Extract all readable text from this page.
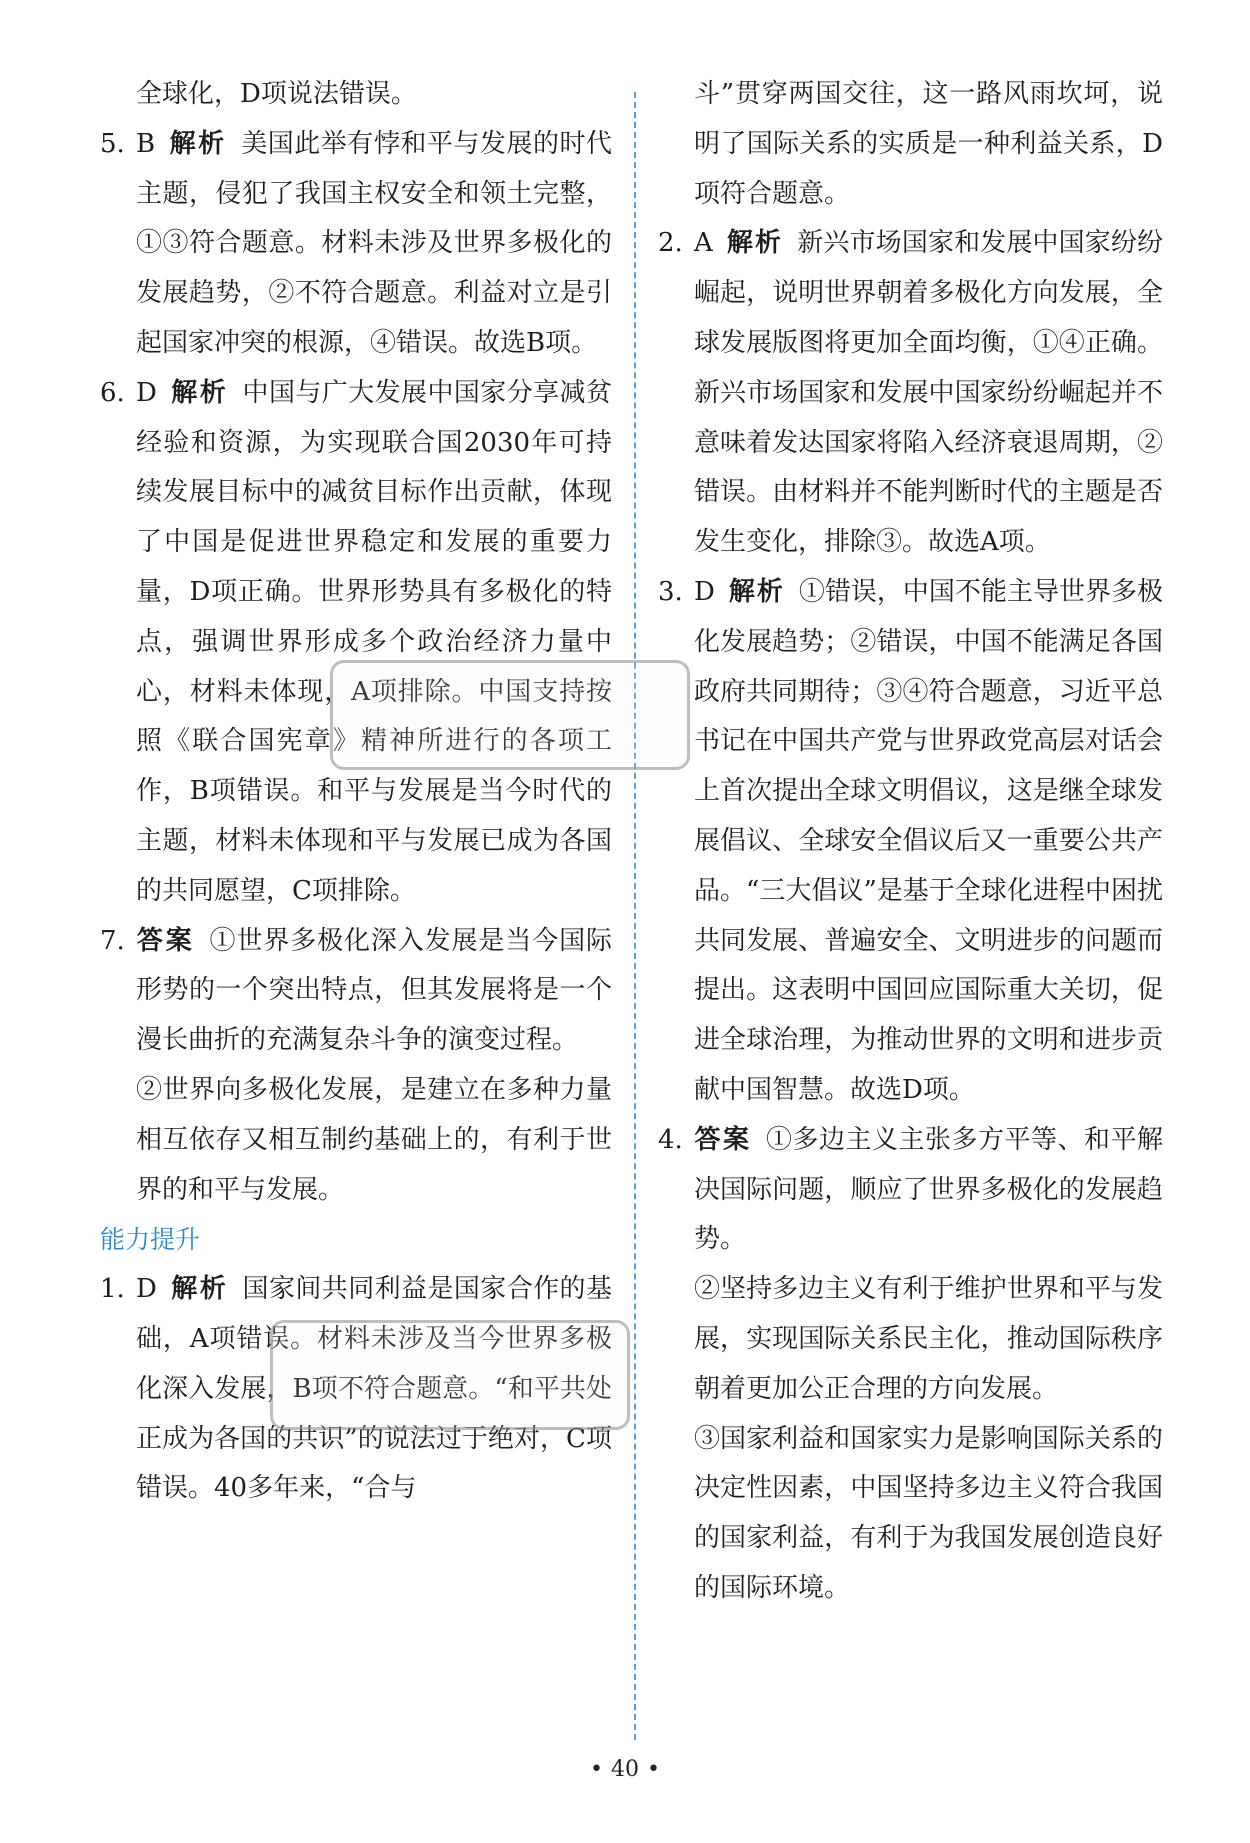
全球化，D项说法错误。

5. B 解析 美国此举有悖和平与发展的时代主题，侵犯了我国主权安全和领土完整，①③符合题意。材料未涉及世界多极化的发展趋势，②不符合题意。利益对立是引起国家冲突的根源，④错误。故选B项。

6. D 解析 中国与广大发展中国家分享减贫经验和资源，为实现联合国2030年可持续发展目标中的减贫目标作出贡献，体现了中国是促进世界稳定和发展的重要力量，D项正确。世界形势具有多极化的特点，强调世界形成多个政治经济力量中心，材料未体现，A项排除。中国支持按照《联合国宪章》精神所进行的各项工作，B项错误。和平与发展是当今时代的主题，材料未体现和平与发展已成为各国的共同愿望，C项排除。

7. 答案 ①世界多极化深入发展是当今国际形势的一个突出特点，但其发展将是一个漫长曲折的充满复杂斗争的演变过程。

②世界向多极化发展，是建立在多种力量相互依存又相互制约基础上的，有利于世界的和平与发展。

能力提升

1. D 解析 国家间共同利益是国家合作的基础，A项错误。材料未涉及当今世界多极化深入发展，B项不符合题意。“和平共处正成为各国的共识”的说法过于绝对，C项错误。40多年来，“合与

斗”贯穿两国交往，这一路风雨坎坷，说明了国际关系的实质是一种利益关系，D项符合题意。

2. A 解析 新兴市场国家和发展中国家纷纷崛起，说明世界朝着多极化方向发展，全球发展版图将更加全面均衡，①④正确。新兴市场国家和发展中国家纷纷崛起并不意味着发达国家将陷入经济衰退周期，②错误。由材料并不能判断时代的主题是否发生变化，排除③。故选A项。

3. D 解析 ①错误，中国不能主导世界多极化发展趋势；②错误，中国不能满足各国政府共同期待；③④符合题意，习近平总书记在中国共产党与世界政党高层对话会上首次提出全球文明倡议，这是继全球发展倡议、全球安全倡议后又一重要公共产品。“三大倡议”是基于全球化进程中困扰共同发展、普遍安全、文明进步的问题而提出。这表明中国回应国际重大关切，促进全球治理，为推动世界的文明和进步贡献中国智慧。故选D项。

4. 答案 ①多边主义主张多方平等、和平解决国际问题，顺应了世界多极化的发展趋势。

②坚持多边主义有利于维护世界和平与发展，实现国际关系民主化，推动国际秩序朝着更加公正合理的方向发展。

③国家利益和国家实力是影响国际关系的决定性因素，中国坚持多边主义符合我国的国家利益，有利于为我国发展创造良好的国际环境。

• 40 •
